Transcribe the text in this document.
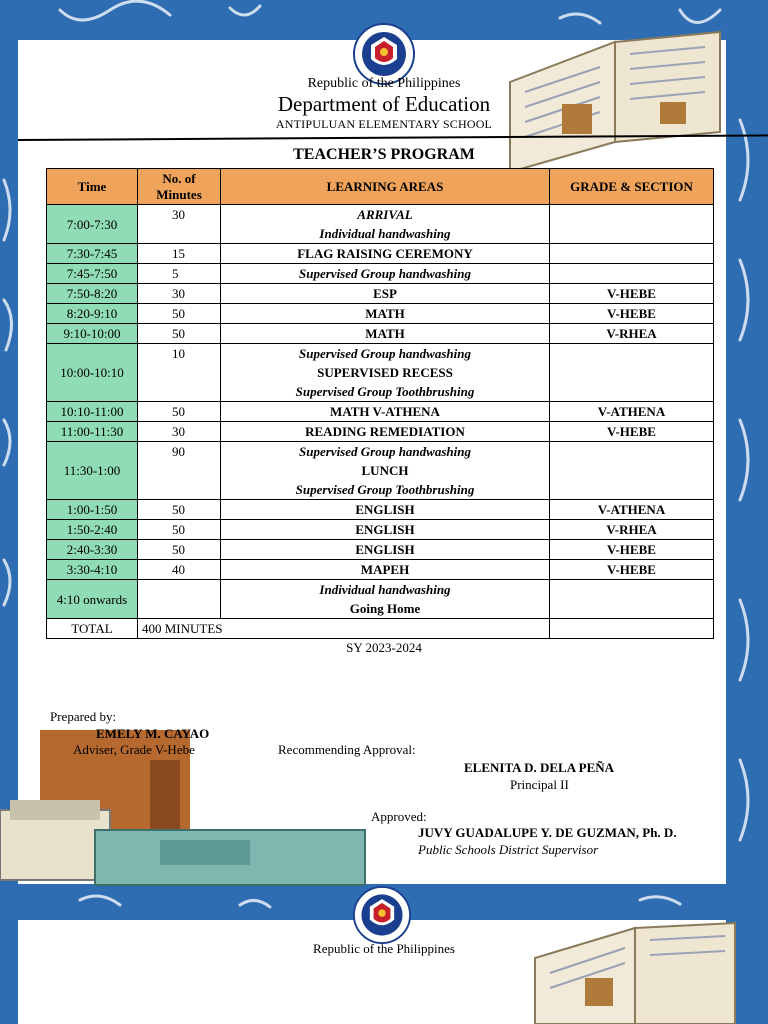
Republic of the Philippines
Department of Education
ANTIPULUAN ELEMENTARY SCHOOL
TEACHER’S PROGRAM
Time	No. of Minutes	LEARNING AREAS	GRADE & SECTION
7:00-7:30	30	ARRIVAL
Individual handwashing	

7:30-7:45	15	FLAG RAISING CEREMONY	

7:45-7:50	5	Supervised Group handwashing	

7:50-8:20	30	ESP	V-HEBE
8:20-9:10	50	MATH	V-HEBE
9:10-10:00	50	MATH	V-RHEA
10:00-10:10	10	Supervised Group handwashing
SUPERVISED RECESS
Supervised Group Toothbrushing	

10:10-11:00	50	MATH V-ATHENA	V-ATHENA
11:00-11:30	30	READING REMEDIATION	V-HEBE
11:30-1:00	90	Supervised Group handwashing
LUNCH
Supervised Group Toothbrushing	

1:00-1:50	50	ENGLISH	V-ATHENA
1:50-2:40	50	ENGLISH	V-RHEA
2:40-3:30	50	ENGLISH	V-HEBE
3:30-4:10	40	MAPEH	V-HEBE
4:10 onwards		Individual handwashing
Going Home	

TOTAL	400 MINUTES		
SY 2023-2024
Prepared by:
EMELY M. CAYAO
Adviser, Grade V-Hebe	Recommending Approval:
ELENITA D. DELA PEÑA
Principal II
Approved:
JUVY GUADALUPE Y. DE GUZMAN, Ph. D.
Public Schools District Supervisor
Republic of the Philippines
